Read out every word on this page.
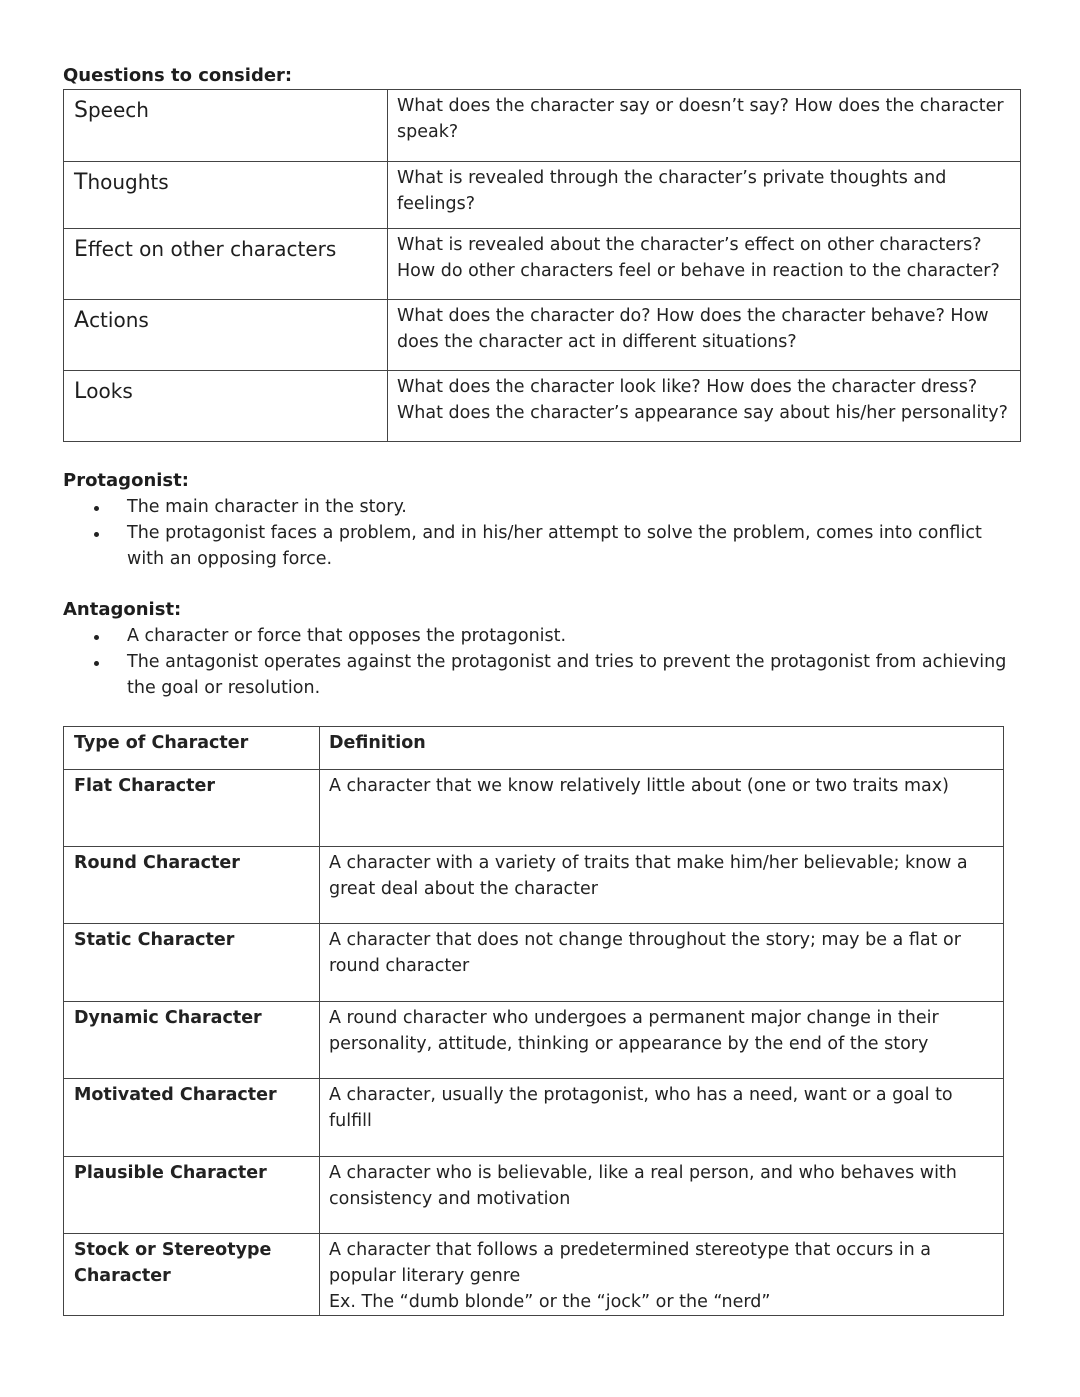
Questions to consider:
Speech	What does the character say or doesn’t say? How does the character speak?
Thoughts	What is revealed through the character’s private thoughts and feelings?
Effect on other characters	What is revealed about the character’s effect on other characters? How do other characters feel or behave in reaction to the character?
Actions	What does the character do? How does the character behave? How does the character act in different situations?
Looks	What does the character look like? How does the character dress? What does the character’s appearance say about his/her personality?
Protagonist:
The main character in the story.
The protagonist faces a problem, and in his/her attempt to solve the problem, comes into conflict with an opposing force.
Antagonist:
A character or force that opposes the protagonist.
The antagonist operates against the protagonist and tries to prevent the protagonist from achieving the goal or resolution.
Type of Character	Definition
Flat Character	A character that we know relatively little about (one or two traits max)
Round Character	A character with a variety of traits that make him/her believable; know a great deal about the character
Static Character	A character that does not change throughout the story; may be a flat or round character
Dynamic Character	A round character who undergoes a permanent major change in their personality, attitude, thinking or appearance by the end of the story
Motivated Character	A character, usually the protagonist, who has a need, want or a goal to fulfill
Plausible Character	A character who is believable, like a real person, and who behaves with consistency and motivation
Stock or Stereotype Character	A character that follows a predetermined stereotype that occurs in a popular literary genre
Ex. The “dumb blonde” or the “jock” or the “nerd”
